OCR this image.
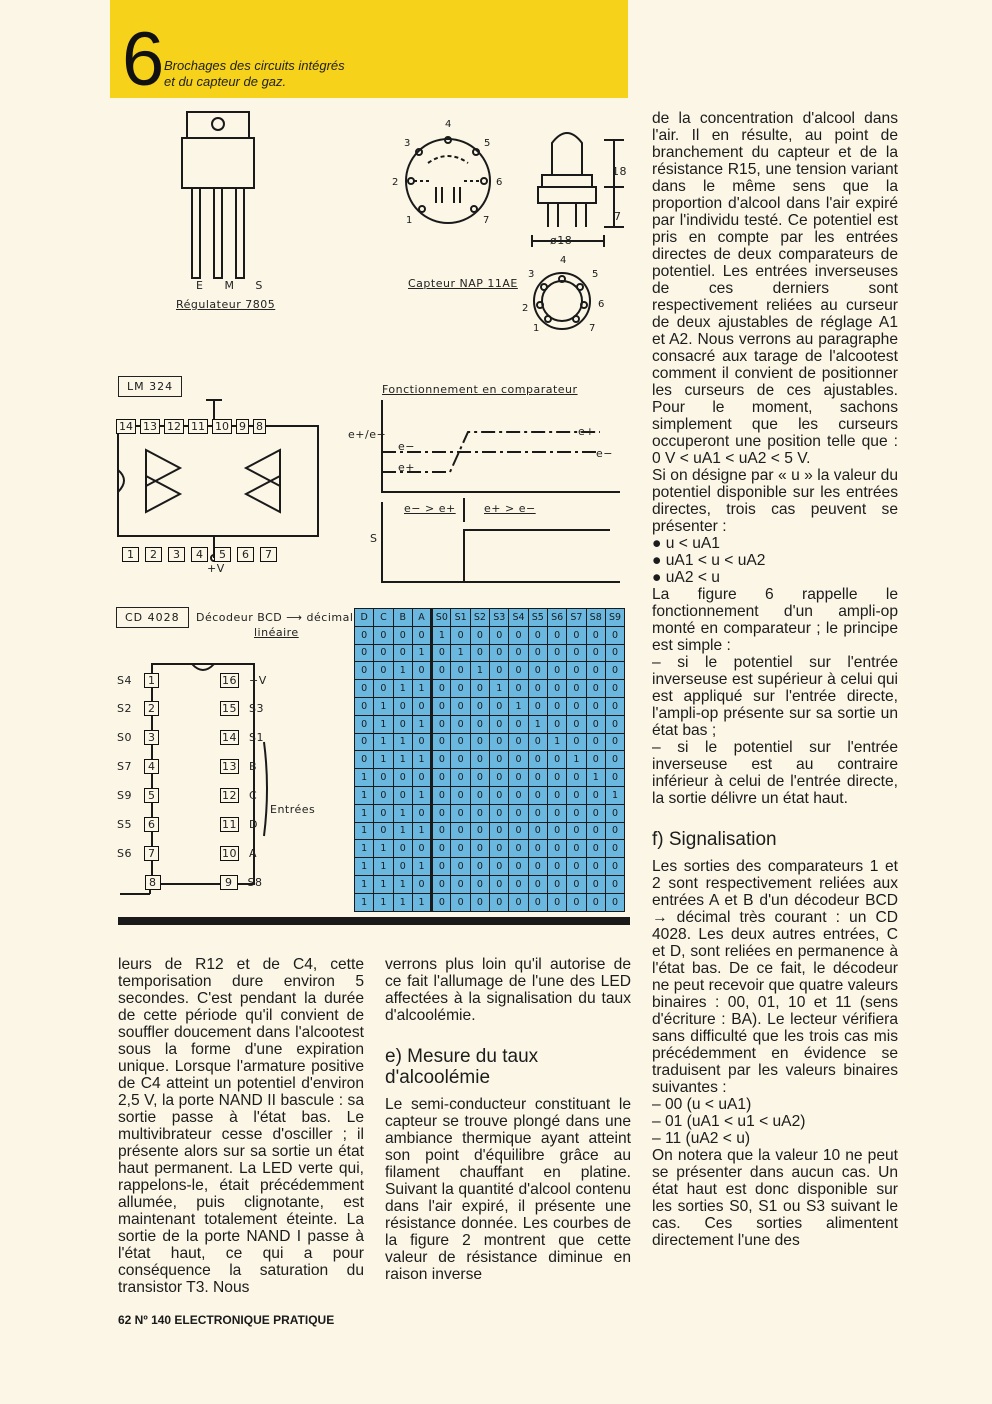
6 Brochages des circuits intégrés
et du capteur de gaz.
E M S
Régulateur 7805
4
3	5
2	6
1	7
4
3	5
2	6
1	7
18
7
ø18
Capteur NAP 11AE
LM 324
14 13 12 11 10 9 8
1 2 3 4 5 6 7
+V
Fonctionnement en comparateur
e+/e−
e−
e+
e+
e−
e− > e+	e+ > e−
S
CD 4028	Décodeur BCD ⟶ décimal
linéaire
S4 1
S2 2
S0 3
S7 4
S9 5
S5 6
S6 7
8
16 +V
15 S3
14 S1
13 B
12 C
11 D
10 A
9 S8
Entrées
D	C	B	A	S0	S1	S2	S3	S4	S5	S6	S7	S8	S9
0	0	0	0	1	0	0	0	0	0	0	0	0	0
0	0	0	1	0	1	0	0	0	0	0	0	0	0
0	0	1	0	0	0	1	0	0	0	0	0	0	0
0	0	1	1	0	0	0	1	0	0	0	0	0	0
0	1	0	0	0	0	0	0	1	0	0	0	0	0
0	1	0	1	0	0	0	0	0	1	0	0	0	0
0	1	1	0	0	0	0	0	0	0	1	0	0	0
0	1	1	1	0	0	0	0	0	0	0	1	0	0
1	0	0	0	0	0	0	0	0	0	0	0	1	0
1	0	0	1	0	0	0	0	0	0	0	0	0	1
1	0	1	0	0	0	0	0	0	0	0	0	0	0
1	0	1	1	0	0	0	0	0	0	0	0	0	0
1	1	0	0	0	0	0	0	0	0	0	0	0	0
1	1	0	1	0	0	0	0	0	0	0	0	0	0
1	1	1	0	0	0	0	0	0	0	0	0	0	0
1	1	1	1	0	0	0	0	0	0	0	0	0	0

de la concentration d'alcool dans l'air. Il en résulte, au point de branchement du capteur et de la résistance R15, une tension variant dans le même sens que la proportion d'alcool dans l'air expiré par l'individu testé. Ce potentiel est pris en compte par les entrées directes de deux comparateurs de potentiel. Les entrées inverseuses de ces derniers sont respectivement reliées au curseur de deux ajustables de réglage A1 et A2. Nous verrons au paragraphe consacré aux tarage de l'alcootest comment il convient de positionner les curseurs de ces ajustables. Pour le moment, sachons simplement que les curseurs occuperont une position telle que : 0 V < uA1 < uA2 < 5 V.

Si on désigne par « u » la valeur du potentiel disponible sur les entrées directes, trois cas peuvent se présenter :

● u < uA1

● uA1 < u < uA2

● uA2 < u

La figure 6 rappelle le fonctionnement d'un ampli-op monté en comparateur ; le principe est simple :

– si le potentiel sur l'entrée inverseuse est supérieur à celui qui est appliqué sur l'entrée directe, l'ampli-op présente sur sa sortie un état bas ;

– si le potentiel sur l'entrée inverseuse est au contraire inférieur à celui de l'entrée directe, la sortie délivre un état haut.

f) Signalisation

Les sorties des comparateurs 1 et 2 sont respectivement reliées aux entrées A et B d'un décodeur BCD → décimal très courant : un CD 4028. Les deux autres entrées, C et D, sont reliées en permanence à l'état bas. De ce fait, le décodeur ne peut recevoir que quatre valeurs binaires : 00, 01, 10 et 11 (sens d'écriture : BA). Le lecteur vérifiera sans difficulté que les trois cas mis précédemment en évidence se traduisent par les valeurs binaires suivantes :

– 00 (u < uA1)

– 01 (uA1 < u1 < uA2)

– 11 (uA2 < u)

On notera que la valeur 10 ne peut se présenter dans aucun cas. Un état haut est donc disponible sur les sorties S0, S1 ou S3 suivant le cas. Ces sorties alimentent directement l'une des

leurs de R12 et de C4, cette temporisation dure environ 5 secondes. C'est pendant la durée de cette période qu'il convient de souffler doucement dans l'alcootest sous la forme d'une expiration unique. Lorsque l'armature positive de C4 atteint un potentiel d'environ 2,5 V, la porte NAND II bascule : sa sortie passe à l'état bas. Le multivibrateur cesse d'osciller ; il présente alors sur sa sortie un état haut permanent. La LED verte qui, rappelons-le, était précédemment allumée, puis clignotante, est maintenant totalement éteinte. La sortie de la porte NAND I passe à l'état haut, ce qui a pour conséquence la saturation du transistor T3. Nous

verrons plus loin qu'il autorise de ce fait l'allumage de l'une des LED affectées à la signalisation du taux d'alcoolémie.

e) Mesure du taux d'alcoolémie

Le semi-conducteur constituant le capteur se trouve plongé dans une ambiance thermique ayant atteint son point d'équilibre grâce au filament chauffant en platine. Suivant la quantité d'alcool contenu dans l'air expiré, il présente une résistance donnée. Les courbes de la figure 2 montrent que cette valeur de résistance diminue en raison inverse

62 Nº 140 ELECTRONIQUE PRATIQUE
